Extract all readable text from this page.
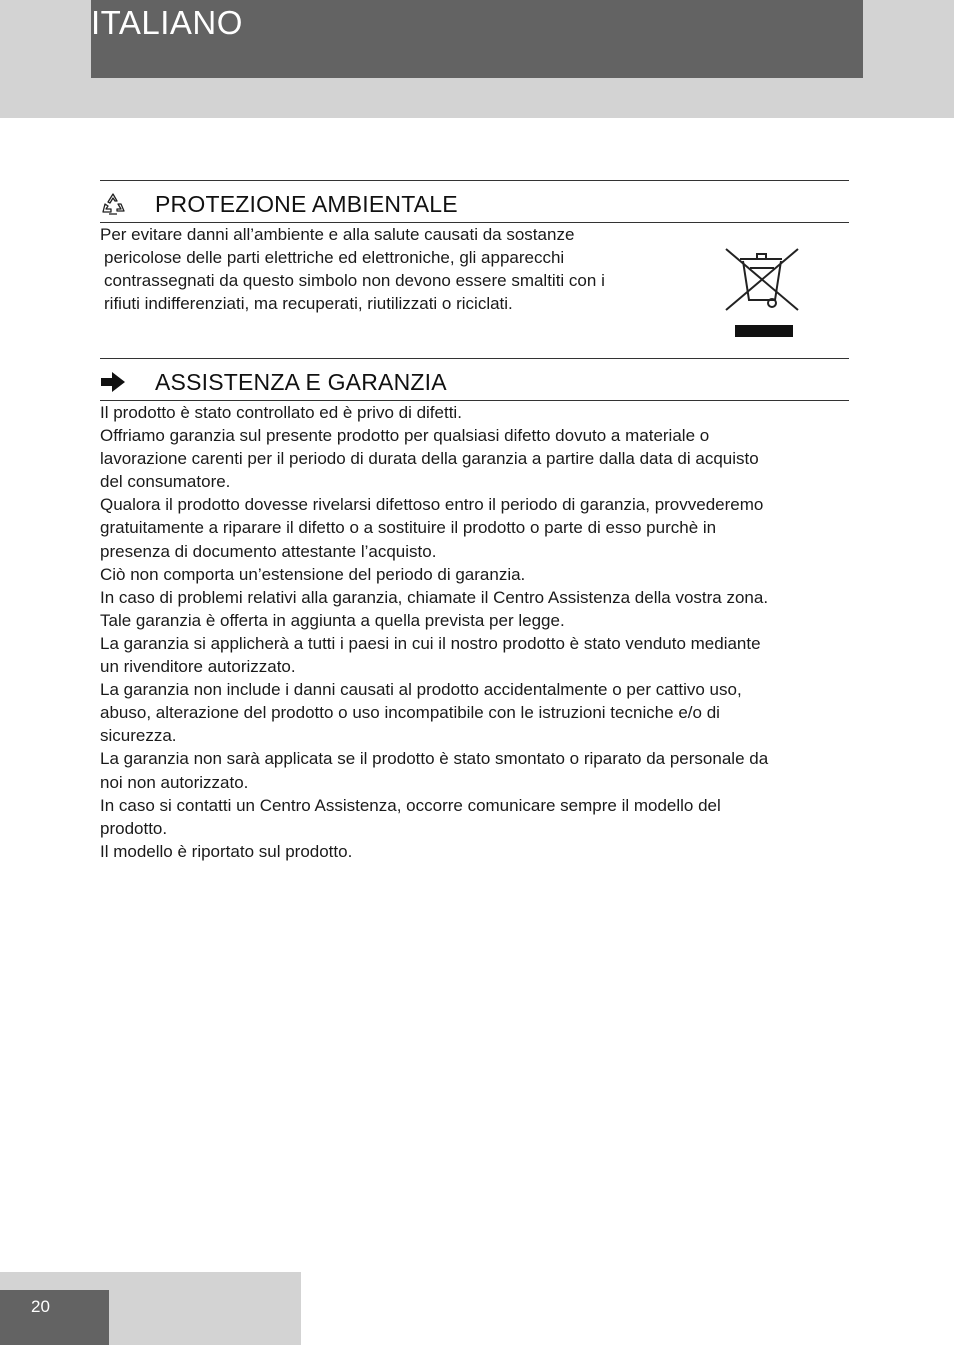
ITALIANO
PROTEZIONE AMBIENTALE

Per evitare danni all’ambiente e alla salute causati da sostanze

pericolose delle parti elettriche ed elettroniche, gli apparecchi

contrassegnati da questo simbolo non devono essere smaltiti con i

rifiuti indifferenziati, ma recuperati, riutilizzati o riciclati.

ASSISTENZA E GARANZIA

Il prodotto è stato controllato ed è privo di difetti.

Offriamo garanzia sul presente prodotto per qualsiasi difetto dovuto a materiale o

lavorazione carenti per il periodo di durata della garanzia a partire dalla data di acquisto

del consumatore.

Qualora il prodotto dovesse rivelarsi difettoso entro il periodo di garanzia, provvederemo

gratuitamente a riparare il difetto o a sostituire il prodotto o parte di esso purchè in

presenza di documento attestante l’acquisto.

Ciò non comporta un’estensione del periodo di garanzia.

In caso di problemi relativi alla garanzia, chiamate il Centro Assistenza della vostra zona.

Tale garanzia è offerta in aggiunta a quella prevista per legge.

La garanzia si applicherà a tutti i paesi in cui il nostro prodotto è stato venduto mediante

un rivenditore autorizzato.

La garanzia non include i danni causati al prodotto accidentalmente o per cattivo uso,

abuso, alterazione del prodotto o uso incompatibile con le istruzioni tecniche e/o di

sicurezza.

La garanzia non sarà applicata se il prodotto è stato smontato o riparato da personale da

noi non autorizzato.

In caso si contatti un Centro Assistenza, occorre comunicare sempre il modello del

prodotto.

Il modello è riportato sul prodotto.

20
